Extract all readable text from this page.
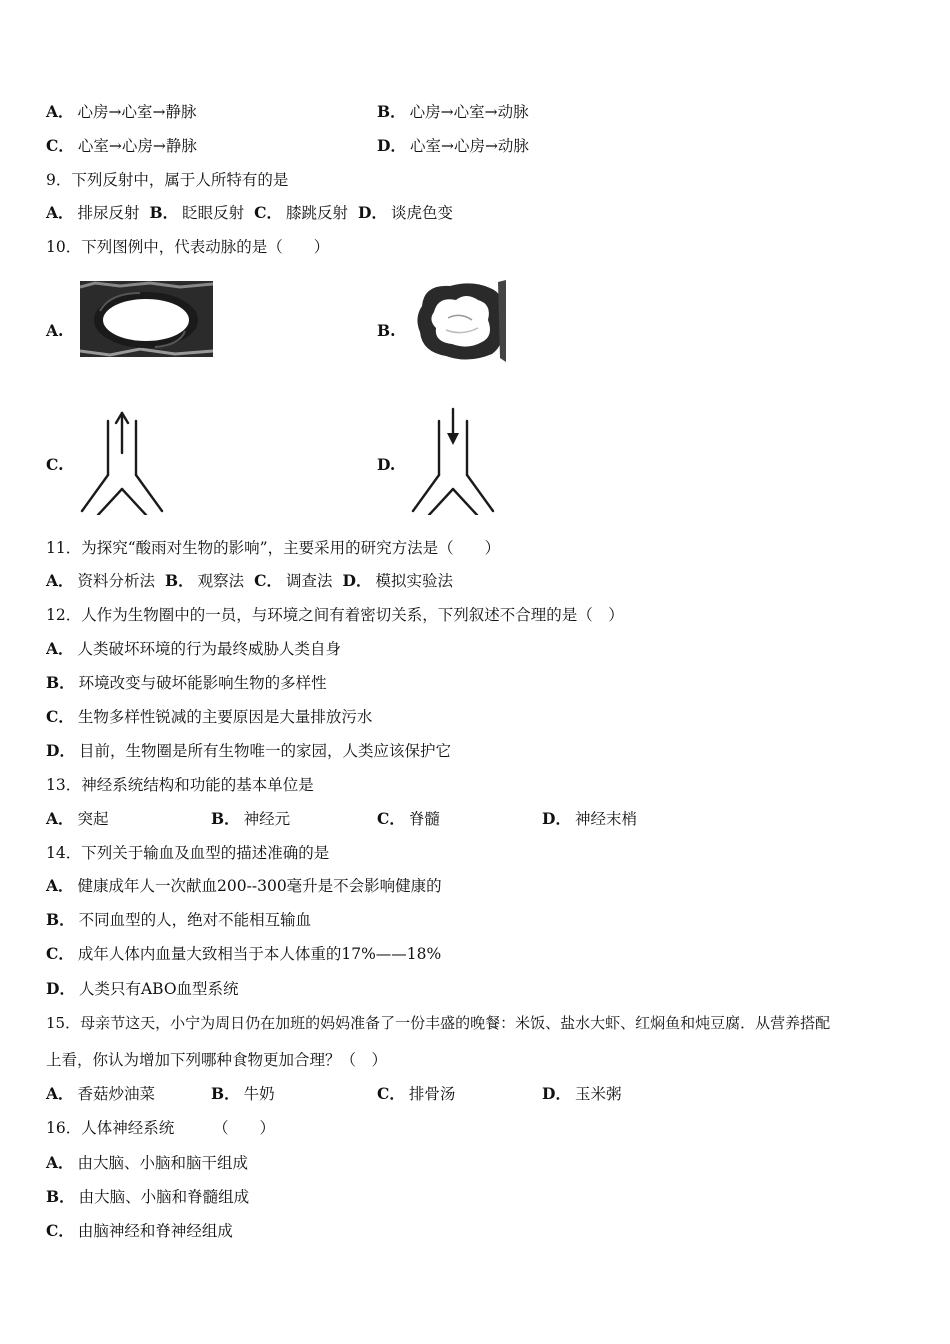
A． 心房→心室→静脉	B． 心房→心室→动脉
C． 心室→心房→静脉	D． 心室→心房→动脉
9．下列反射中，属于人所特有的是
A． 排尿反射 B． 眨眼反射 C． 膝跳反射 D． 谈虎色变
10．下列图例中，代表动脉的是（　　）
A.	B.
C.	D.
11．为探究“酸雨对生物的影响”，主要采用的研究方法是（　　）
A． 资料分析法 B． 观察法 C． 调查法 D． 模拟实验法
12．人作为生物圈中的一员，与环境之间有着密切关系，下列叙述不合理的是（　）
A． 人类破坏环境的行为最终威胁人类自身
B． 环境改变与破坏能影响生物的多样性
C． 生物多样性锐减的主要原因是大量排放污水
D． 目前，生物圈是所有生物唯一的家园，人类应该保护它
13．神经系统结构和功能的基本单位是
A． 突起	B． 神经元	C． 脊髓	D． 神经末梢
14．下列关于输血及血型的描述准确的是
A． 健康成年人一次献血200--300毫升是不会影响健康的
B． 不同血型的人，绝对不能相互输血
C． 成年人体内血量大致相当于本人体重的17%——18%
D． 人类只有ABO血型系统
15．母亲节这天，小宁为周日仍在加班的妈妈准备了一份丰盛的晚餐：米饭、盐水大虾、红焖鱼和炖豆腐．从营养搭配
上看，你认为增加下列哪种食物更加合理？（　）
A． 香菇炒油菜	B． 牛奶	C． 排骨汤	D． 玉米粥
16．人体神经系统　　　（　　）
A． 由大脑、小脑和脑干组成
B． 由大脑、小脑和脊髓组成
C． 由脑神经和脊神经组成
